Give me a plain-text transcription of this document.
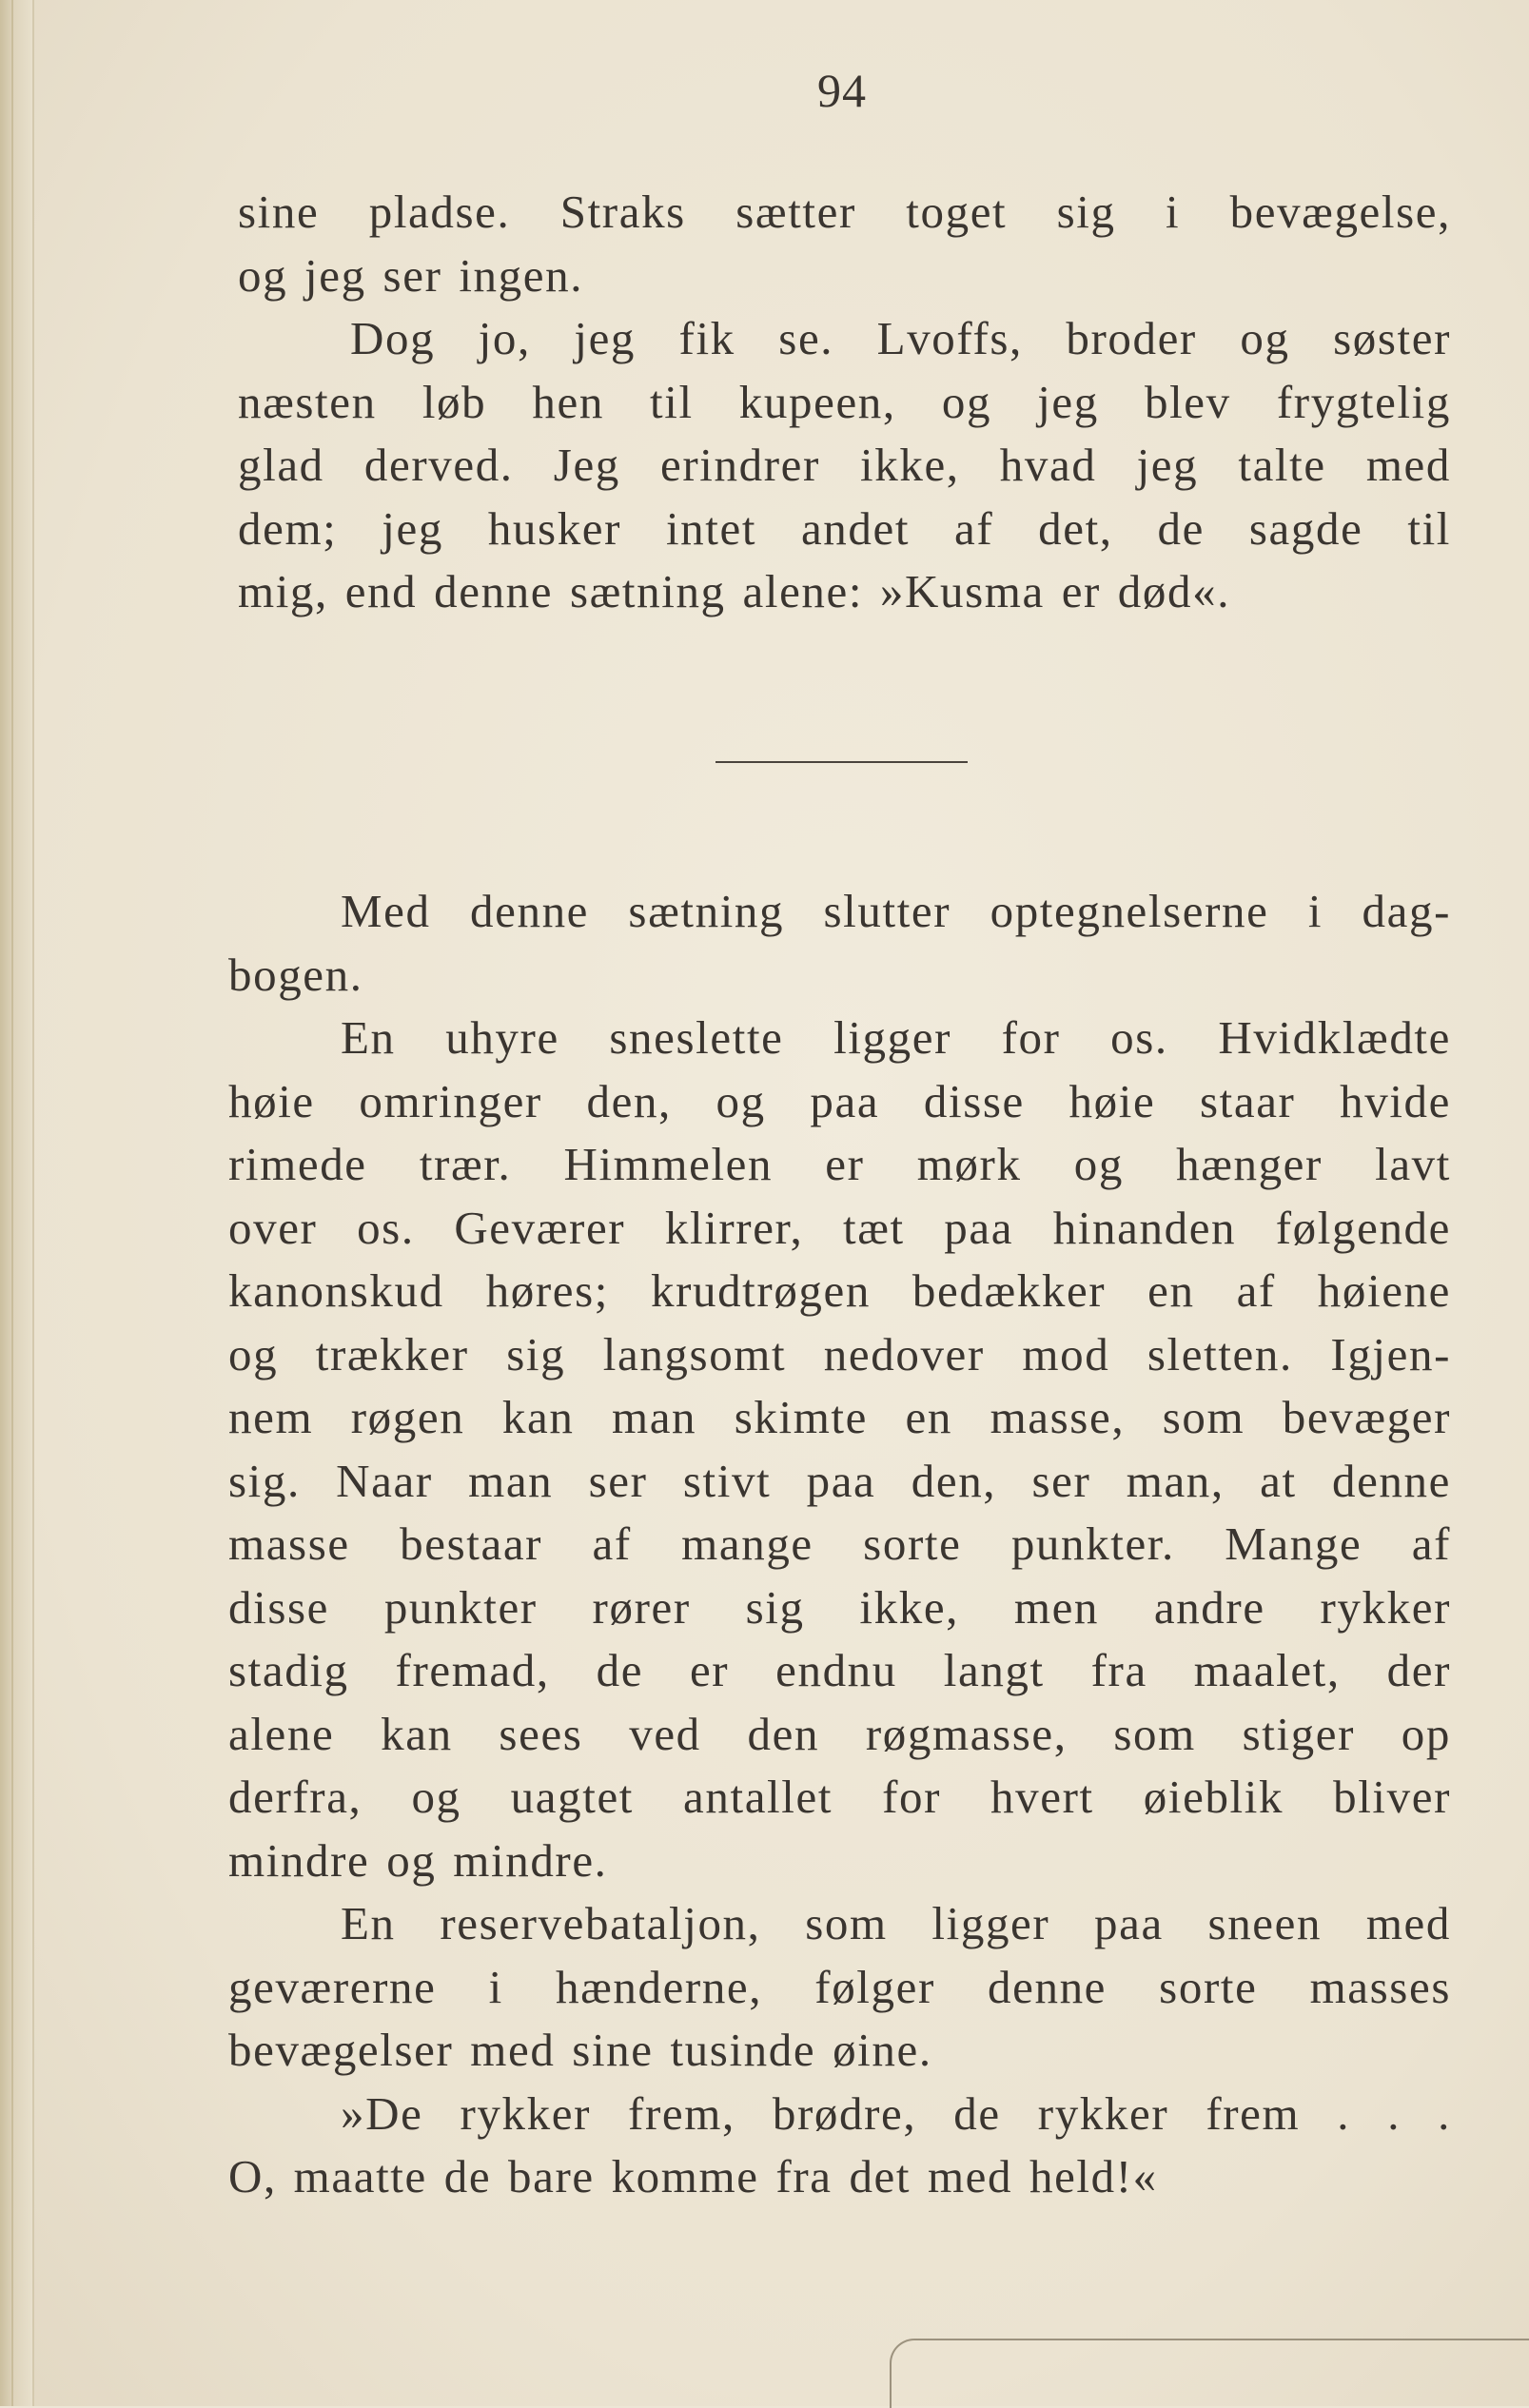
94
sine pladse. Straks sætter toget sig i bevægelse,
og jeg ser ingen.
Dog jo, jeg fik se. Lvoffs, broder og søster
næsten løb hen til kupeen, og jeg blev frygtelig
glad derved. Jeg erindrer ikke, hvad jeg talte med
dem; jeg husker intet andet af det, de sagde til
mig, end denne sætning alene: »Kusma er død«.
Med denne sætning slutter optegnelserne i dag-
bogen.
En uhyre sneslette ligger for os. Hvidklædte
høie omringer den, og paa disse høie staar hvide
rimede trær. Himmelen er mørk og hænger lavt
over os. Geværer klirrer, tæt paa hinanden følgende
kanonskud høres; krudtrøgen bedækker en af høiene
og trækker sig langsomt nedover mod sletten. Igjen-
nem røgen kan man skimte en masse, som bevæger
sig. Naar man ser stivt paa den, ser man, at denne
masse bestaar af mange sorte punkter. Mange af
disse punkter rører sig ikke, men andre rykker
stadig fremad, de er endnu langt fra maalet, der
alene kan sees ved den røgmasse, som stiger op
derfra, og uagtet antallet for hvert øieblik bliver
mindre og mindre.
En reservebataljon, som ligger paa sneen med
geværerne i hænderne, følger denne sorte masses
bevægelser med sine tusinde øine.
»De rykker frem, brødre, de rykker frem . . .
O, maatte de bare komme fra det med held!«
